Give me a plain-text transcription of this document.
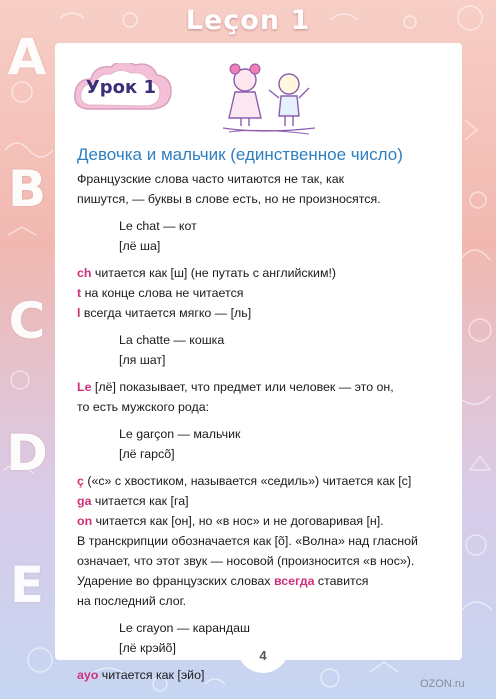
A
B
C
D
E
Leçon 1
Урок 1
Девочка и мальчик (единственное число)

Французские слова часто читаются не так, как

пишутся, — буквы в слове есть, но не произносятся.

Le chat — кот

[лё ша]

ch читается как [ш] (не путать с английским!)

t на конце слова не читается

l всегда читается мягко — [ль]

La chatte — кошка

[ля шат]

Le [лё] показывает, что предмет или человек — это он,

то есть мужского рода:

Le garçon — мальчик

[лё гарсõ]

ç («с» с хвостиком, называется «седиль») читается как [с]

ga читается как [га]

on читается как [он], но «в нос» и не договаривая [н].

В транскрипции обозначается как [õ]. «Волна» над гласной

означает, что этот звук — носовой (произносится «в нос»).

Ударение во французских словах всегда ставится

на последний слог.

Le crayon — карандаш

[лё крэйõ]

ayo читается как [эйо]

4
OZON.ru
